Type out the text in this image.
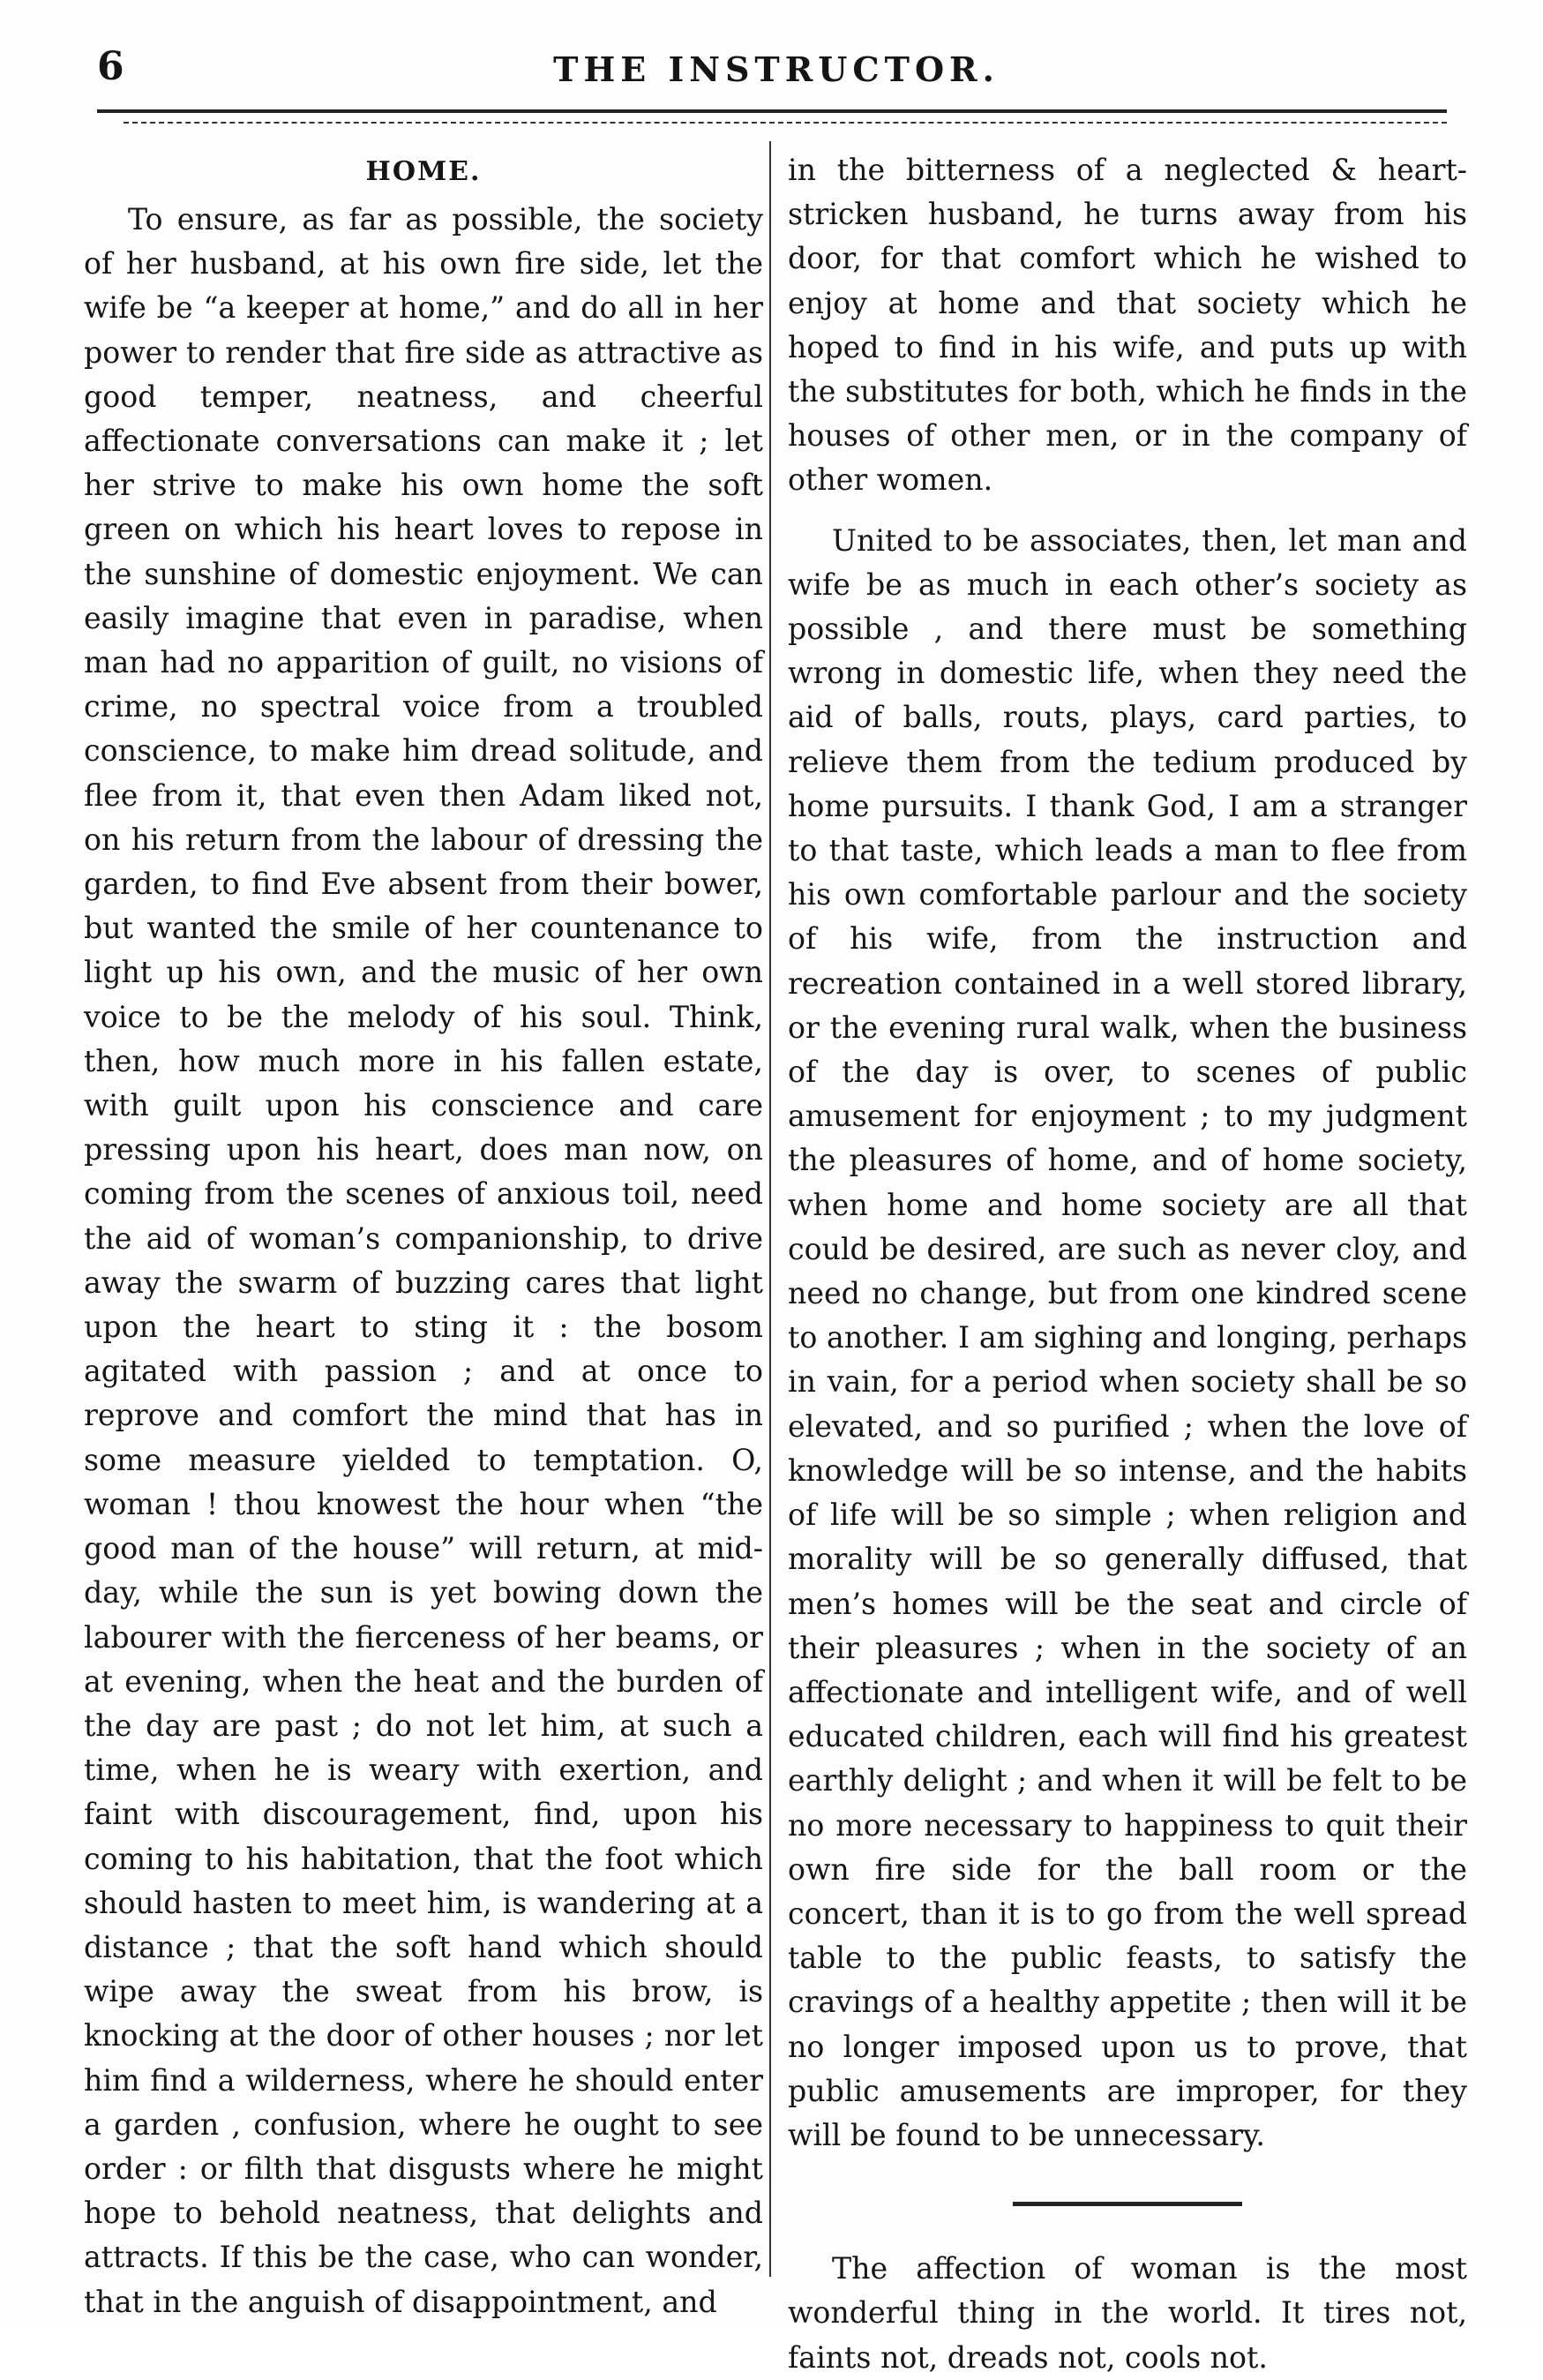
6	THE INSTRUCTOR.
HOME.

To ensure, as far as possible, the society of her husband, at his own fire side, let the wife be “a keeper at home,” and do all in her power to render that fire side as attractive as good temper, neatness, and cheerful affectionate conversations can make it ; let her strive to make his own home the soft green on which his heart loves to repose in the sunshine of domestic enjoyment. We can easily imagine that even in paradise, when man had no apparition of guilt, no visions of crime, no spectral voice from a troubled conscience, to make him dread solitude, and flee from it, that even then Adam liked not, on his return from the labour of dressing the garden, to find Eve absent from their bower, but wanted the smile of her countenance to light up his own, and the music of her own voice to be the melody of his soul. Think, then, how much more in his fallen estate, with guilt upon his conscience and care pressing upon his heart, does man now, on coming from the scenes of anxious toil, need the aid of woman’s companionship, to drive away the swarm of buzzing cares that light upon the heart to sting it : the bosom agitated with passion ; and at once to reprove and comfort the mind that has in some measure yielded to temptation. O, woman ! thou knowest the hour when “the good man of the house” will return, at mid-day, while the sun is yet bowing down the labourer with the fierceness of her beams, or at evening, when the heat and the burden of the day are past ; do not let him, at such a time, when he is weary with exertion, and faint with discouragement, find, upon his coming to his habitation, that the foot which should hasten to meet him, is wandering at a distance ; that the soft hand which should wipe away the sweat from his brow, is knocking at the door of other houses ; nor let him find a wilderness, where he should enter a garden , confusion, where he ought to see order : or filth that disgusts where he might hope to behold neatness, that delights and attracts. If this be the case, who can wonder, that in the anguish of disappointment, and

in the bitterness of a neglected & heart-stricken husband, he turns away from his door, for that comfort which he wished to enjoy at home and that society which he hoped to find in his wife, and puts up with the substitutes for both, which he finds in the houses of other men, or in the company of other women.

United to be associates, then, let man and wife be as much in each other’s society as possible , and there must be something wrong in domestic life, when they need the aid of balls, routs, plays, card parties, to relieve them from the tedium produced by home pursuits. I thank God, I am a stranger to that taste, which leads a man to flee from his own comfortable parlour and the society of his wife, from the instruction and recreation contained in a well stored library, or the evening rural walk, when the business of the day is over, to scenes of public amusement for enjoyment ; to my judgment the pleasures of home, and of home society, when home and home society are all that could be desired, are such as never cloy, and need no change, but from one kindred scene to another. I am sighing and longing, perhaps in vain, for a period when society shall be so elevated, and so purified ; when the love of knowledge will be so intense, and the habits of life will be so simple ; when religion and morality will be so generally diffused, that men’s homes will be the seat and circle of their pleasures ; when in the society of an affectionate and intelligent wife, and of well educated children, each will find his greatest earthly delight ; and when it will be felt to be no more necessary to happiness to quit their own fire side for the ball room or the concert, than it is to go from the well spread table to the public feasts, to satisfy the cravings of a healthy appetite ; then will it be no longer imposed upon us to prove, that public amusements are improper, for they will be found to be unnecessary.

The affection of woman is the most wonderful thing in the world. It tires not, faints not, dreads not, cools not.
